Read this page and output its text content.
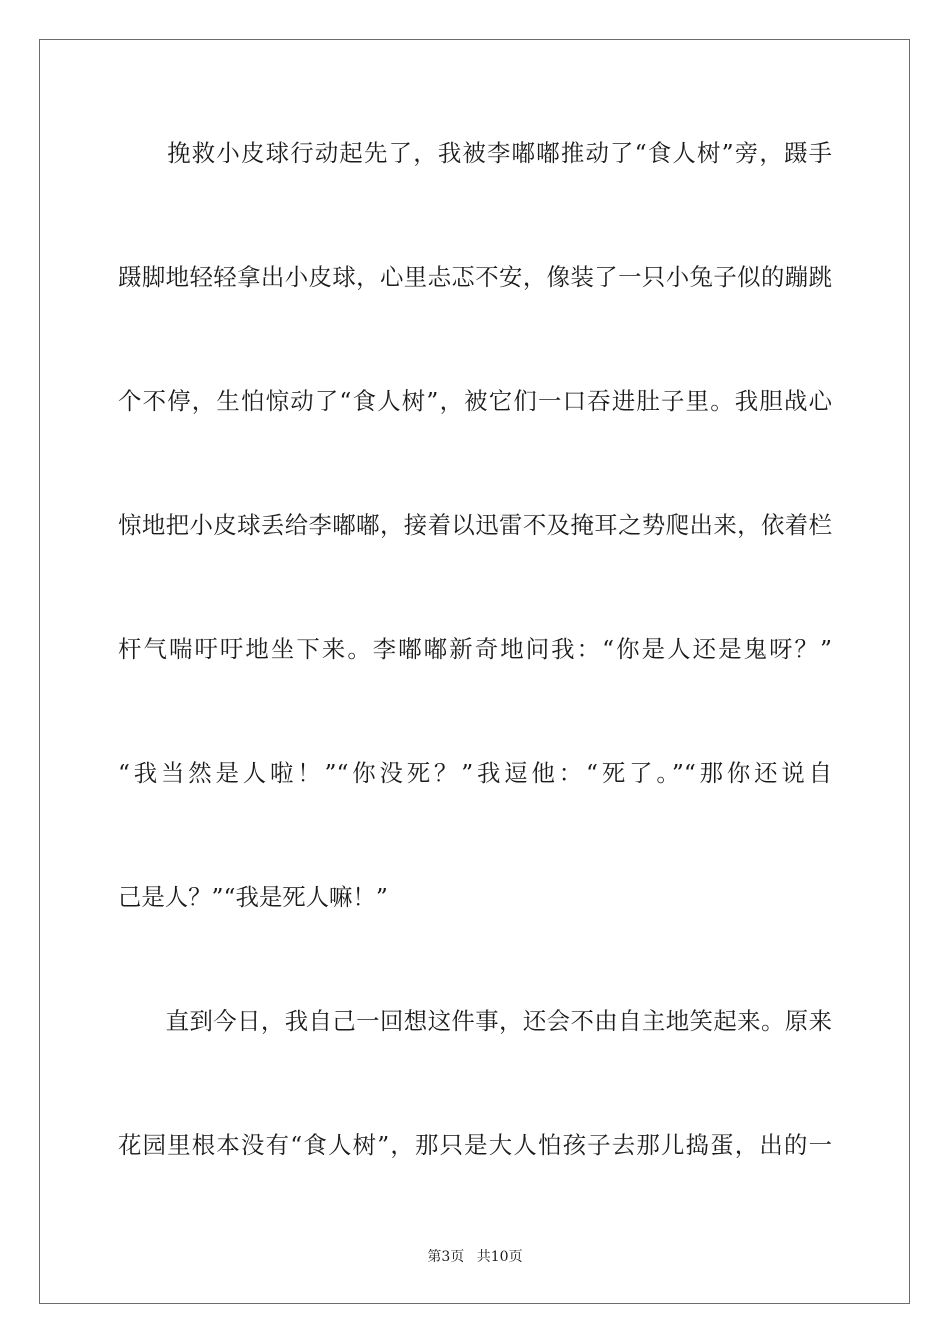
　　挽救小皮球行动起先了，我被李嘟嘟推动了“食人树”旁，蹑手
蹑脚地轻轻拿出小皮球，心里忐忑不安，像装了一只小兔子似的蹦跳
个不停，生怕惊动了“食人树”，被它们一口吞进肚子里。我胆战心
惊地把小皮球丢给李嘟嘟，接着以迅雷不及掩耳之势爬出来，依着栏
杆气喘吁吁地坐下来。李嘟嘟新奇地问我：“你是人还是鬼呀？”
“我当然是人啦！”“你没死？”我逗他：“死了。”“那你还说自
己是人？”“我是死人嘛！”
　　直到今日，我自己一回想这件事，还会不由自主地笑起来。原来
花园里根本没有“食人树”，那只是大人怕孩子去那儿捣蛋，出的一
第3页 共10页
